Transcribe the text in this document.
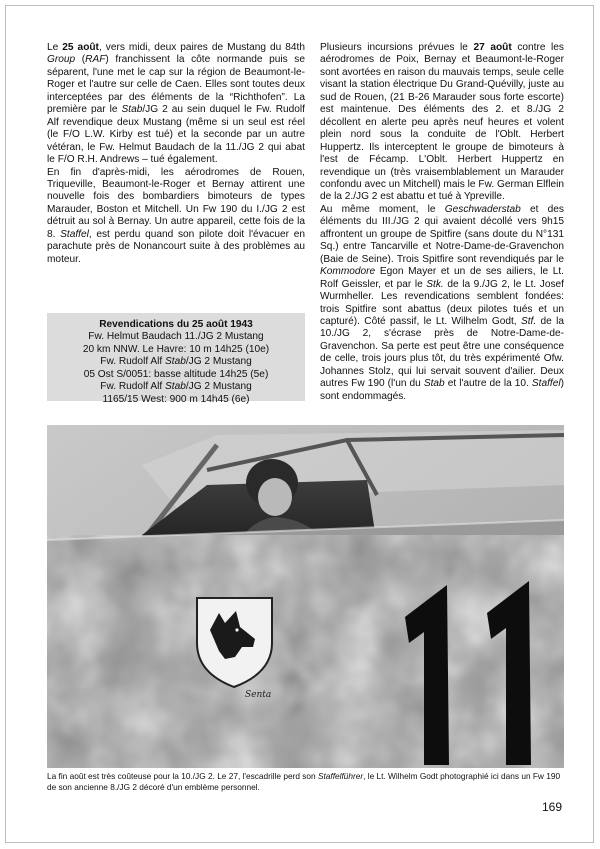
Le 25 août, vers midi, deux paires de Mustang du 84th Group (RAF) franchissent la côte normande puis se séparent, l'une met le cap sur la région de Beaumont-le-Roger et l'autre sur celle de Caen. Elles sont toutes deux interceptées par des éléments de la “Richthofen”. La première par le Stab/JG 2 au sein duquel le Fw. Rudolf Alf revendique deux Mustang (même si un seul est réel (le F/O L.W. Kirby est tué) et la seconde par un autre vétéran, le Fw. Helmut Baudach de la 11./JG 2 qui abat le F/O R.H. Andrews – tué également.

En fin d'après-midi, les aérodromes de Rouen, Triqueville, Beaumont-le-Roger et Bernay attirent une nouvelle fois des bombardiers bimoteurs de types Marauder, Boston et Mitchell. Un Fw 190 du I./JG 2 est détruit au sol à Bernay. Un autre appareil, cette fois de la 8. Staffel, est perdu quand son pilote doit l'évacuer en parachute près de Nonancourt suite à des problèmes au moteur.

Revendications du 25 août 1943
Fw. Helmut Baudach 11./JG 2 Mustang
20 km NNW. Le Havre: 10 m 14h25 (10e)
Fw. Rudolf Alf Stab/JG 2 Mustang
05 Ost S/0051: basse altitude 14h25 (5e)
Fw. Rudolf Alf Stab/JG 2 Mustang
1165/15 West: 900 m 14h45 (6e)

Plusieurs incursions prévues le 27 août contre les aérodromes de Poix, Bernay et Beaumont-le-Roger sont avortées en raison du mauvais temps, seule celle visant la station électrique Du Grand-Quévilly, juste au sud de Rouen, (21 B-26 Marauder sous forte escorte) est maintenue. Des éléments des 2. et 8./JG 2 décollent en alerte peu après neuf heures et volent plein nord sous la conduite de l'Oblt. Herbert Huppertz. Ils interceptent le groupe de bimoteurs à l'est de Fécamp. L'Oblt. Herbert Huppertz en revendique un (très vraisemblablement un Marauder confondu avec un Mitchell) mais le Fw. German Elflein de la 2./JG 2 est abattu et tué à Ypreville.

Au même moment, le Geschwaderstab et des éléments du III./JG 2 qui avaient décollé vers 9h15 affrontent un groupe de Spitfire (sans doute du N°131 Sq.) entre Tancarville et Notre-Dame-de-Gravenchon (Baie de Seine). Trois Spitfire sont revendiqués par le Kommodore Egon Mayer et un de ses ailiers, le Lt. Rolf Geissler, et par le Stk. de la 9./JG 2, le Lt. Josef Wurmheller. Les revendications semblent fondées: trois Spitfire sont abattus (deux pilotes tués et un capturé). Côté passif, le Lt. Wilhelm Godt, Stf. de la 10./JG 2, s'écrase près de Notre-Dame-de-Gravenchon. Sa perte est peut être une conséquence de celle, trois jours plus tôt, du très expérimenté Ofw. Johannes Stolz, qui lui servait souvent d'ailier. Deux autres Fw 190 (l'un du Stab et l'autre de la 10. Staffel) sont endommagés.

Senta
La fin août est très coûteuse pour la 10./JG 2. Le 27, l'escadrille perd son Staffelführer, le Lt. Wilhelm Godt photographié ici dans un Fw 190 de son ancienne 8./JG 2 décoré d'un emblème personnel.
169
